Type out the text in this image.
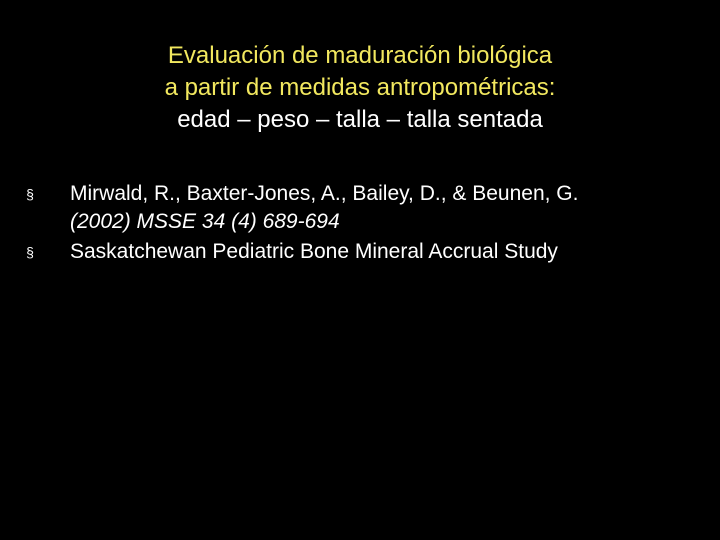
Evaluación de maduración biológica
a partir de medidas antropométricas:
edad – peso – talla – talla sentada
§ Mirwald, R., Baxter-Jones, A., Bailey, D., & Beunen, G.
(2002) MSSE 34 (4) 689-694
§ Saskatchewan Pediatric Bone Mineral Accrual Study
